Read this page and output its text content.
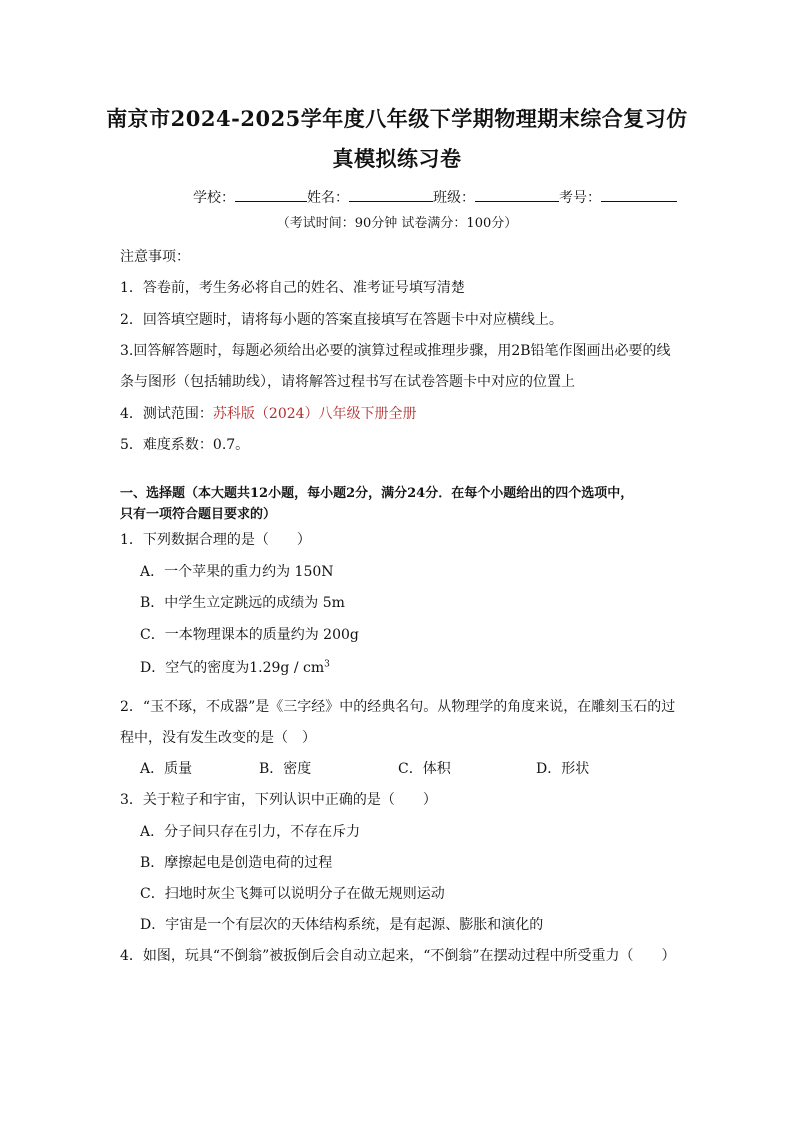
南京市2024-2025学年度八年级下学期物理期末综合复习仿
真模拟练习卷
学校：	姓名：	班级：	考号：
（考试时间：90分钟 试卷满分：100分）
注意事项：
1．答卷前，考生务必将自己的姓名、准考证号填写清楚
2．回答填空题时，请将每小题的答案直接填写在答题卡中对应横线上。
3.回答解答题时，每题必须给出必要的演算过程或推理步骤，用2B铅笔作图画出必要的线
条与图形（包括辅助线），请将解答过程书写在试卷答题卡中对应的位置上
4．测试范围：苏科版（2024）八年级下册全册
5．难度系数：0.7。
一、选择题（本大题共12小题，每小题2分，满分24分．在每个小题给出的四个选项中，
只有一项符合题目要求的）
1．下列数据合理的是（　　）
A．一个苹果的重力约为 150N
B．中学生立定跳远的成绩为 5m
C．一本物理课本的质量约为 200g
D．空气的密度为$1.29g / cm^3$
2．“玉不琢，不成器”是《三字经》中的经典名句。从物理学的角度来说，在雕刻玉石的过
程中，没有发生改变的是（　）
A．质量	B．密度	C．体积	D．形状
3．关于粒子和宇宙，下列认识中正确的是（　　）
A．分子间只存在引力，不存在斥力
B．摩擦起电是创造电荷的过程
C．扫地时灰尘飞舞可以说明分子在做无规则运动
D．宇宙是一个有层次的天体结构系统，是有起源、膨胀和演化的
4．如图，玩具“不倒翁”被扳倒后会自动立起来，“不倒翁”在摆动过程中所受重力（　　）
